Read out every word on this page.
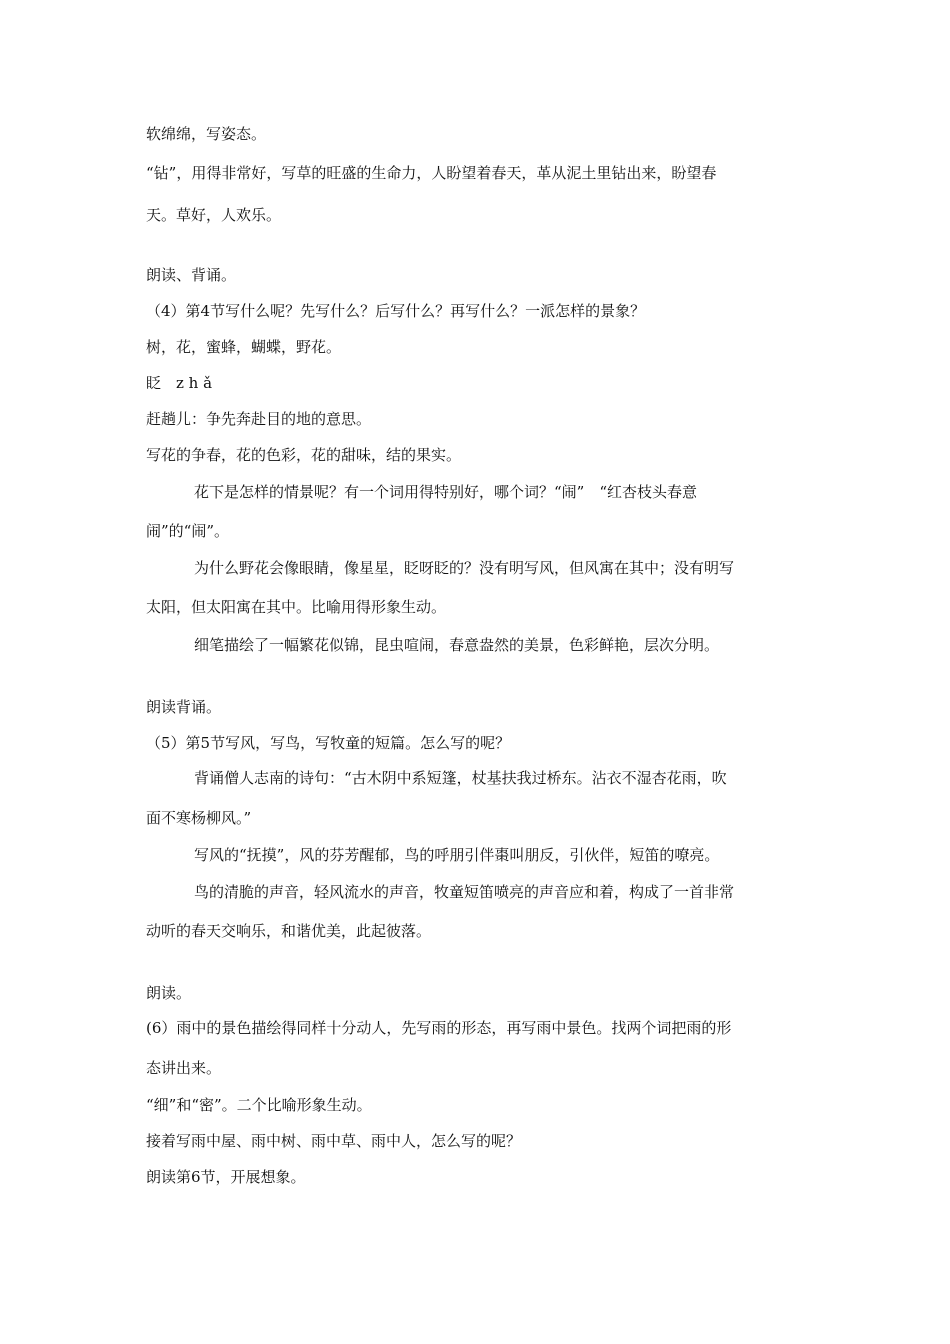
软绵绵，写姿态。
“钻”，用得非常好，写草的旺盛的生命力，人盼望着春天，革从泥土里钻出来，盼望春
天。草好，人欢乐。
朗读、背诵。
（4）第4节写什么呢？先写什么？后写什么？再写什么？一派怎样的景象？
树，花，蜜蜂，蝴蝶，野花。
眨　z h ǎ
赶趟儿：争先奔赴目的地的意思。
写花的争春，花的色彩，花的甜味，结的果实。
花下是怎样的情景呢？有一个词用得特别好，哪个词？“闹”　“红杏枝头春意
闹”的“闹”。
为什么野花会像眼睛，像星星，眨呀眨的？没有明写风，但风寓在其中；没有明写
太阳，但太阳寓在其中。比喻用得形象生动。
细笔描绘了一幅繁花似锦，昆虫喧闹，春意盎然的美景，色彩鲜艳，层次分明。
朗读背诵。
（5）第5节写风，写鸟，写牧童的短篇。怎么写的呢？
背诵僧人志南的诗句：“古木阴中系短篷，杖基扶我过桥东。沾衣不湿杏花雨，吹
面不寒杨柳风。”
写风的“抚摸”，风的芬芳醒郁，鸟的呼朋引伴棗叫朋反，引伙伴，短笛的嘹亮。
鸟的清脆的声音，轻风流水的声音，牧童短笛喷亮的声音应和着，构成了一首非常
动听的春天交响乐，和谐优美，此起彼落。
朗读。
(6）雨中的景色描绘得同样十分动人，先写雨的形态，再写雨中景色。找两个词把雨的形
态讲出来。
“细”和“密”。二个比喻形象生动。
接着写雨中屋、雨中树、雨中草、雨中人，怎么写的呢？
朗读第6节，开展想象。
